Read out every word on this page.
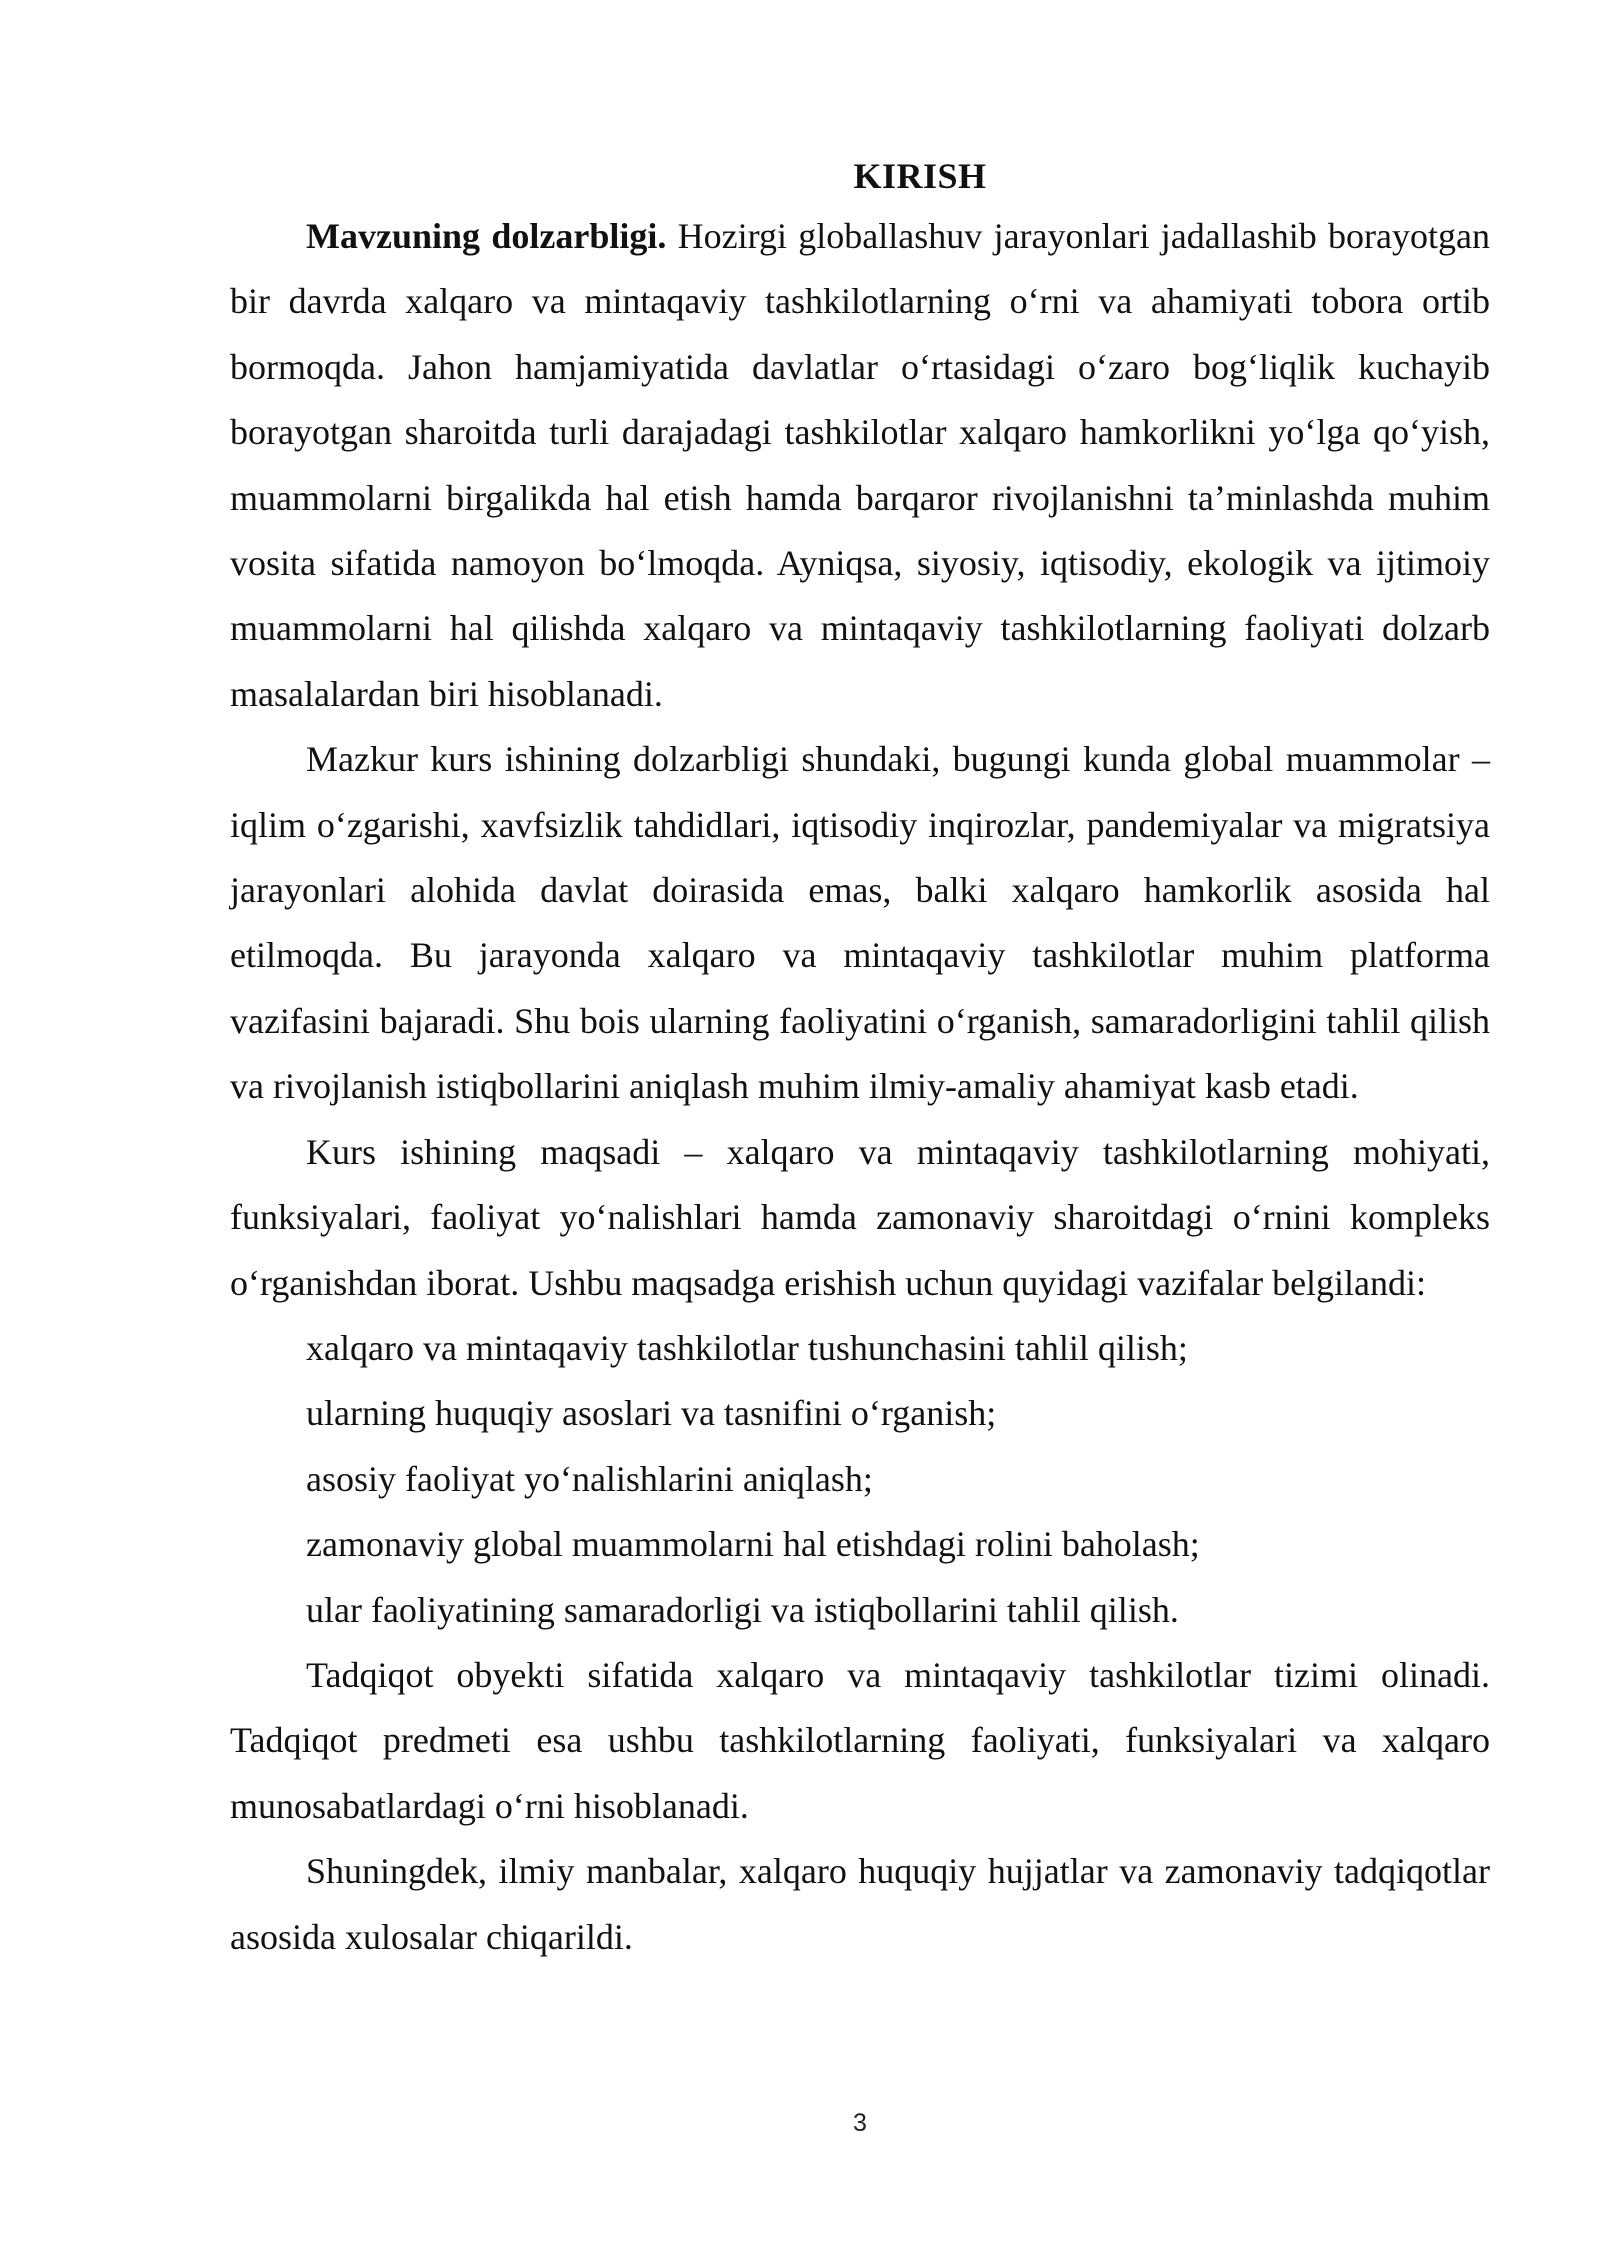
KIRISH

Mavzuning dolzarbligi. Hozirgi globallashuv jarayonlari jadallashib borayotgan bir davrda xalqaro va mintaqaviy tashkilotlarning o‘rni va ahamiyati tobora ortib bormoqda. Jahon hamjamiyatida davlatlar o‘rtasidagi o‘zaro bog‘liqlik kuchayib borayotgan sharoitda turli darajadagi tashkilotlar xalqaro hamkorlikni yo‘lga qo‘yish, muammolarni birgalikda hal etish hamda barqaror rivojlanishni ta’minlashda muhim vosita sifatida namoyon bo‘lmoqda. Ayniqsa, siyosiy, iqtisodiy, ekologik va ijtimoiy muammolarni hal qilishda xalqaro va mintaqaviy tashkilotlarning faoliyati dolzarb masalalardan biri hisoblanadi.

Mazkur kurs ishining dolzarbligi shundaki, bugungi kunda global muammolar – iqlim o‘zgarishi, xavfsizlik tahdidlari, iqtisodiy inqirozlar, pandemiyalar va migratsiya jarayonlari alohida davlat doirasida emas, balki xalqaro hamkorlik asosida hal etilmoqda. Bu jarayonda xalqaro va mintaqaviy tashkilotlar muhim platforma vazifasini bajaradi. Shu bois ularning faoliyatini o‘rganish, samaradorligini tahlil qilish va rivojlanish istiqbollarini aniqlash muhim ilmiy-amaliy ahamiyat kasb etadi.

Kurs ishining maqsadi – xalqaro va mintaqaviy tashkilotlarning mohiyati, funksiyalari, faoliyat yo‘nalishlari hamda zamonaviy sharoitdagi o‘rnini kompleks o‘rganishdan iborat. Ushbu maqsadga erishish uchun quyidagi vazifalar belgilandi:

xalqaro va mintaqaviy tashkilotlar tushunchasini tahlil qilish;
ularning huquqiy asoslari va tasnifini o‘rganish;
asosiy faoliyat yo‘nalishlarini aniqlash;
zamonaviy global muammolarni hal etishdagi rolini baholash;
ular faoliyatining samaradorligi va istiqbollarini tahlil qilish.

Tadqiqot obyekti sifatida xalqaro va mintaqaviy tashkilotlar tizimi olinadi. Tadqiqot predmeti esa ushbu tashkilotlarning faoliyati, funksiyalari va xalqaro munosabatlardagi o‘rni hisoblanadi.

Shuningdek, ilmiy manbalar, xalqaro huquqiy hujjatlar va zamonaviy tadqiqotlar asosida xulosalar chiqarildi.

3
